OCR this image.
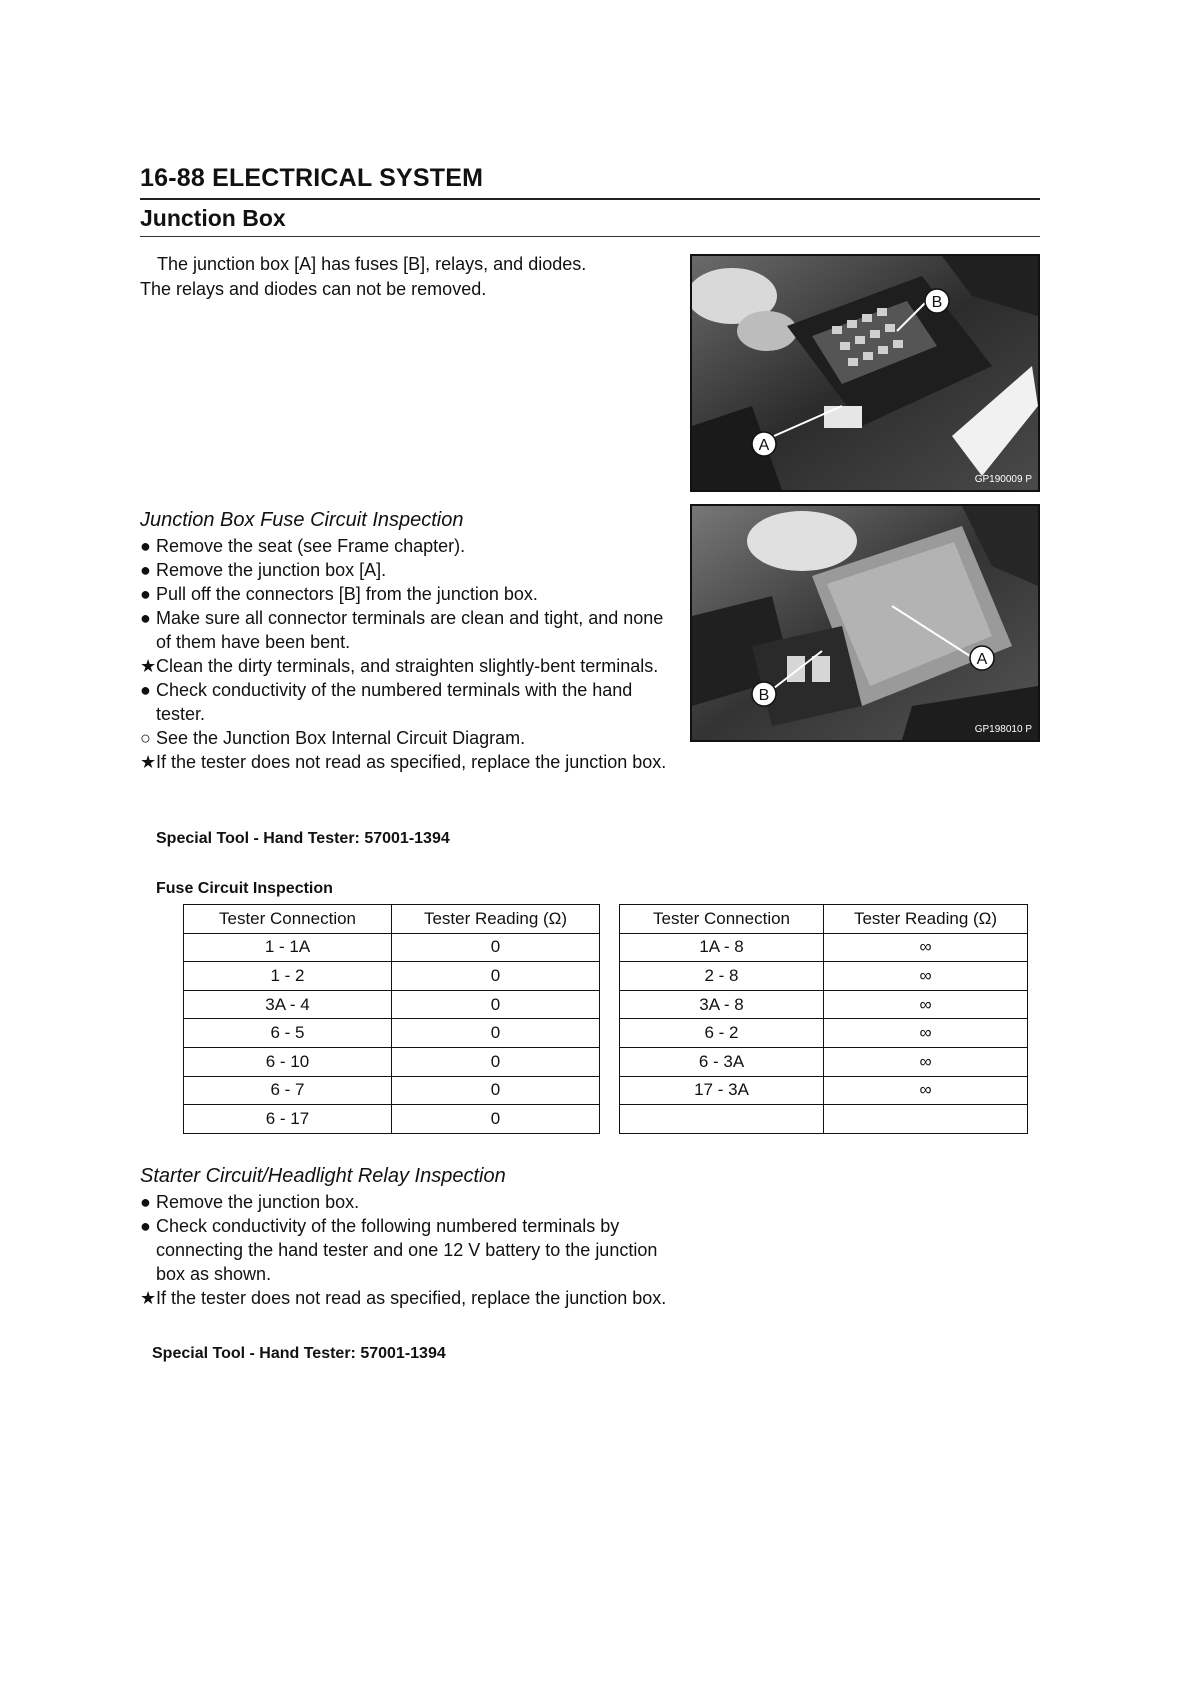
16-88 ELECTRICAL SYSTEM
Junction Box
The junction box [A] has fuses [B], relays, and diodes.
The relays and diodes can not be removed.
B
A
GP190009 P
Junction Box Fuse Circuit Inspection
● Remove the seat (see Frame chapter).
● Remove the junction box [A].
● Pull off the connectors [B] from the junction box.
● Make sure all connector terminals are clean and tight, and none of them have been bent.
★ Clean the dirty terminals, and straighten slightly-bent terminals.
● Check conductivity of the numbered terminals with the hand tester.
○ See the Junction Box Internal Circuit Diagram.
★ If the tester does not read as specified, replace the junction box.
Special Tool - Hand Tester: 57001-1394
A
B
GP198010 P
Fuse Circuit Inspection
Tester Connection	Tester Reading (Ω)
1 - 1A	0
1 - 2	0
3A - 4	0
6 - 5	0
6 - 10	0
6 - 7	0
6 - 17	0
Tester Connection	Tester Reading (Ω)
1A - 8	∞
2 - 8	∞
3A - 8	∞
6 - 2	∞
6 - 3A	∞
17 - 3A	∞

Starter Circuit/Headlight Relay Inspection
● Remove the junction box.
● Check conductivity of the following numbered terminals by connecting the hand tester and one 12 V battery to the junction box as shown.
★ If the tester does not read as specified, replace the junction box.
Special Tool - Hand Tester: 57001-1394
